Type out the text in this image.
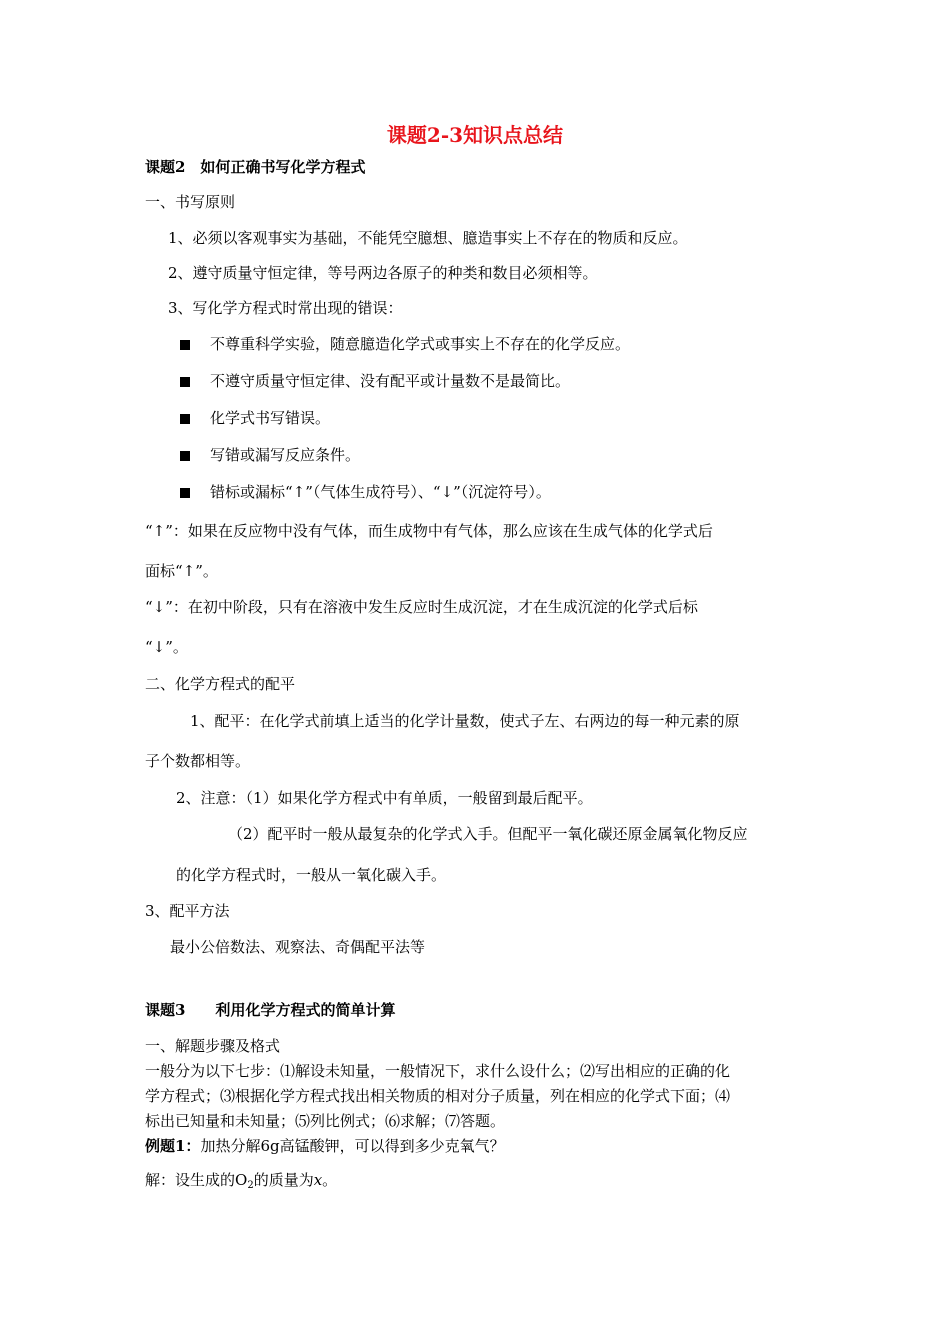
课题2-3知识点总结
课题2　如何正确书写化学方程式
一、书写原则
1、必须以客观事实为基础，不能凭空臆想、臆造事实上不存在的物质和反应。
2、遵守质量守恒定律，等号两边各原子的种类和数目必须相等。
3、写化学方程式时常出现的错误：
不尊重科学实验，随意臆造化学式或事实上不存在的化学反应。
不遵守质量守恒定律、没有配平或计量数不是最简比。
化学式书写错误。
写错或漏写反应条件。
错标或漏标“↑”（气体生成符号）、“↓”（沉淀符号）。
“↑”：如果在反应物中没有气体，而生成物中有气体，那么应该在生成气体的化学式后
面标“↑”。
“↓”：在初中阶段，只有在溶液中发生反应时生成沉淀，才在生成沉淀的化学式后标
“↓”。
二、化学方程式的配平
1、配平：在化学式前填上适当的化学计量数，使式子左、右两边的每一种元素的原
子个数都相等。
2、注意：（1）如果化学方程式中有单质，一般留到最后配平。
（2）配平时一般从最复杂的化学式入手。但配平一氧化碳还原金属氧化物反应
的化学方程式时，一般从一氧化碳入手。
3、配平方法
最小公倍数法、观察法、奇偶配平法等
课题3　　利用化学方程式的简单计算
一、解题步骤及格式
一般分为以下七步：⑴解设未知量，一般情况下，求什么设什么；⑵写出相应的正确的化
学方程式；⑶根据化学方程式找出相关物质的相对分子质量，列在相应的化学式下面；⑷
标出已知量和未知量；⑸列比例式；⑹求解；⑺答题。
例题1：加热分解6g高锰酸钾，可以得到多少克氧气？
解：设生成的$O_2$的质量为x。
